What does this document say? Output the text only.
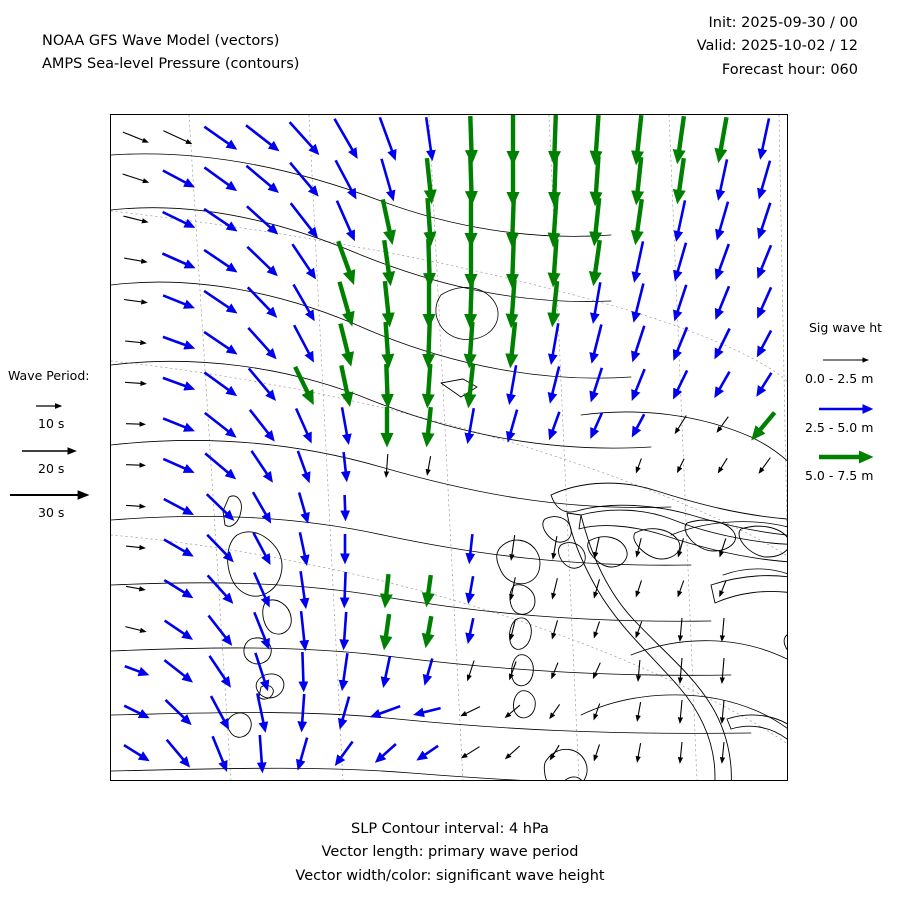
NOAA GFS Wave Model (vectors)
AMPS Sea-level Pressure (contours)
Init: 2025-09-30 / 00
Valid: 2025-10-02 / 12
Forecast hour: 060
Wave Period:
10 s
20 s
30 s
Sig wave ht
0.0 - 2.5 m
2.5 - 5.0 m
5.0 - 7.5 m
SLP Contour interval: 4 hPa
Vector length: primary wave period
Vector width/color: significant wave height
